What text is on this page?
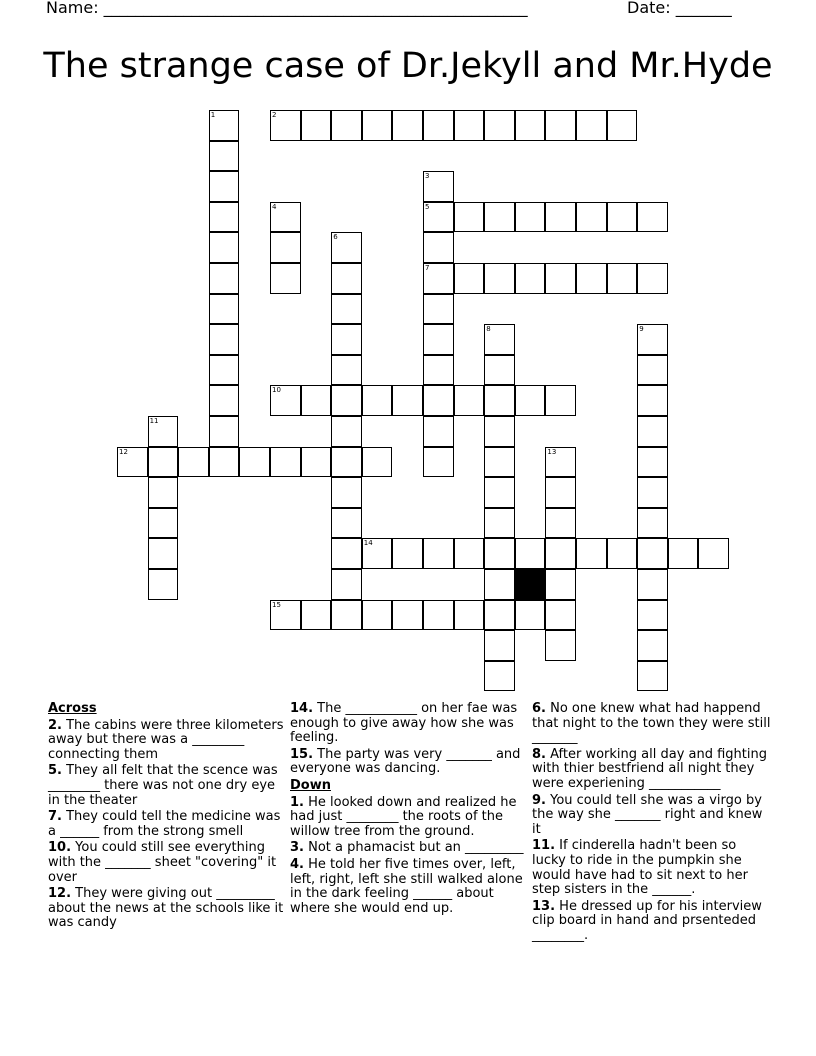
Name: _____________________________________________________	Date: _______
The strange case of Dr.Jekyll and Mr.Hyde
2
1
4
6
3
5
7
8	9
10
11
12	13
14
15
Across
2. The cabins were three kilometers away but there was a ________ connecting them
5. They all felt that the scence was ________ there was not one dry eye in the theater
7. They could tell the medicine was a ______ from the strong smell
10. You could still see everything with the _______ sheet "covering" it over
12. They were giving out _________ about the news at the schools like it was candy
14. The ___________ on her fae was enough to give away how she was feeling.
15. The party was very _______ and everyone was dancing.
Down
1. He looked down and realized he had just ________ the roots of the willow tree from the ground.
3. Not a phamacist but an _________
4. He told her five times over, left, left, right, left she still walked alone in the dark feeling ______ about where she would end up.
6. No one knew what had happend that night to the town they were still _______
8. After working all day and fighting with thier bestfriend all night they were experiening ___________
9. You could tell she was a virgo by the way she _______ right and knew it
11. If cinderella hadn't been so lucky to ride in the pumpkin she would have had to sit next to her step sisters in the ______.
13. He dressed up for his interview clip board in hand and prsenteded ________.
